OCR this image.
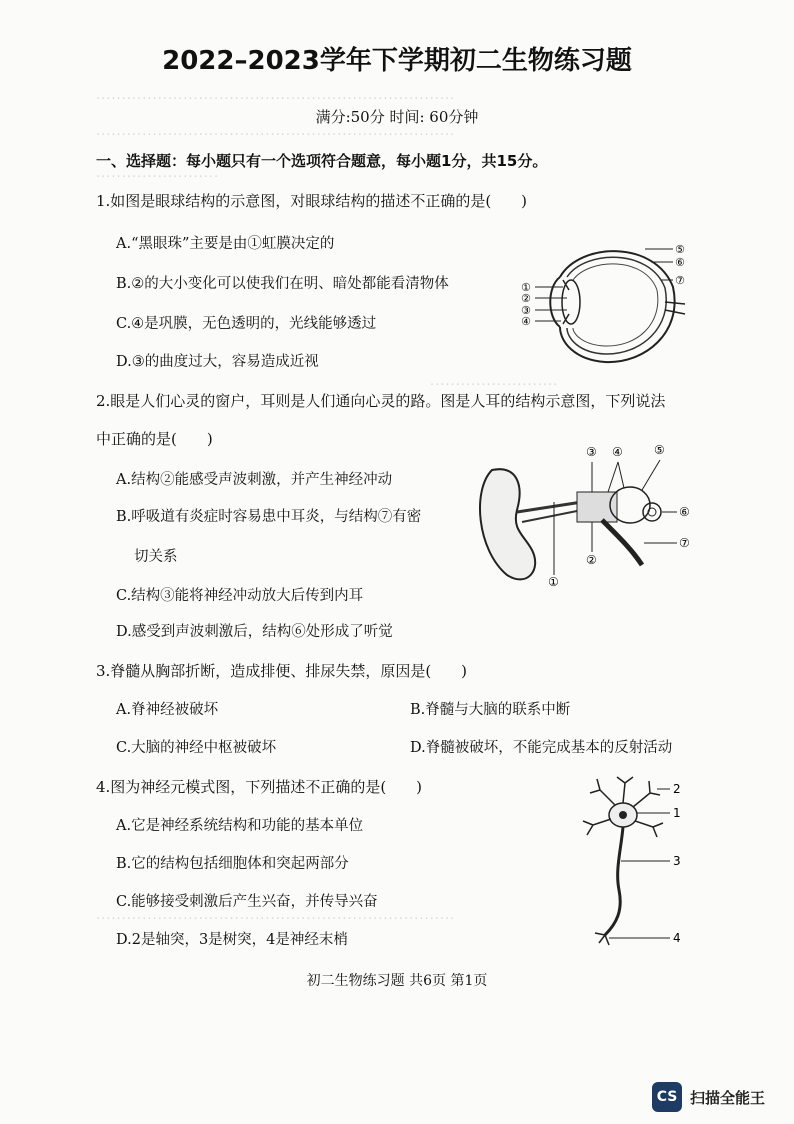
······································································
······································································
························
·························
······································································
2022–2023学年下学期初二生物练习题
满分:50分 时间: 60分钟
一、选择题：每小题只有一个选项符合题意，每小题1分，共15分。
1.如图是眼球结构的示意图，对眼球结构的描述不正确的是(　　)
A.“黑眼珠”主要是由①虹膜决定的
B.②的大小变化可以使我们在明、暗处都能看清物体
C.④是巩膜，无色透明的，光线能够透过
D.③的曲度过大，容易造成近视
①
②
③
④
⑤
⑥
⑦
2.眼是人们心灵的窗户，耳则是人们通向心灵的路。图是人耳的结构示意图，下列说法
中正确的是(　　)
A.结构②能感受声波刺激，并产生神经冲动
B.呼吸道有炎症时容易患中耳炎，与结构⑦有密
切关系
C.结构③能将神经冲动放大后传到内耳
D.感受到声波刺激后，结构⑥处形成了听觉
①
②
③ ④	⑤
⑥
⑦
3.脊髓从胸部折断，造成排便、排尿失禁，原因是(　　)
A.脊神经被破坏	B.脊髓与大脑的联系中断
C.大脑的神经中枢被破坏	D.脊髓被破坏，不能完成基本的反射活动
4.图为神经元模式图，下列描述不正确的是(　　)
A.它是神经系统结构和功能的基本单位
B.它的结构包括细胞体和突起两部分
C.能够接受刺激后产生兴奋，并传导兴奋
D.2是轴突，3是树突，4是神经末梢
2
1
3
4
初二生物练习题 共6页 第1页
CS 扫描全能王
